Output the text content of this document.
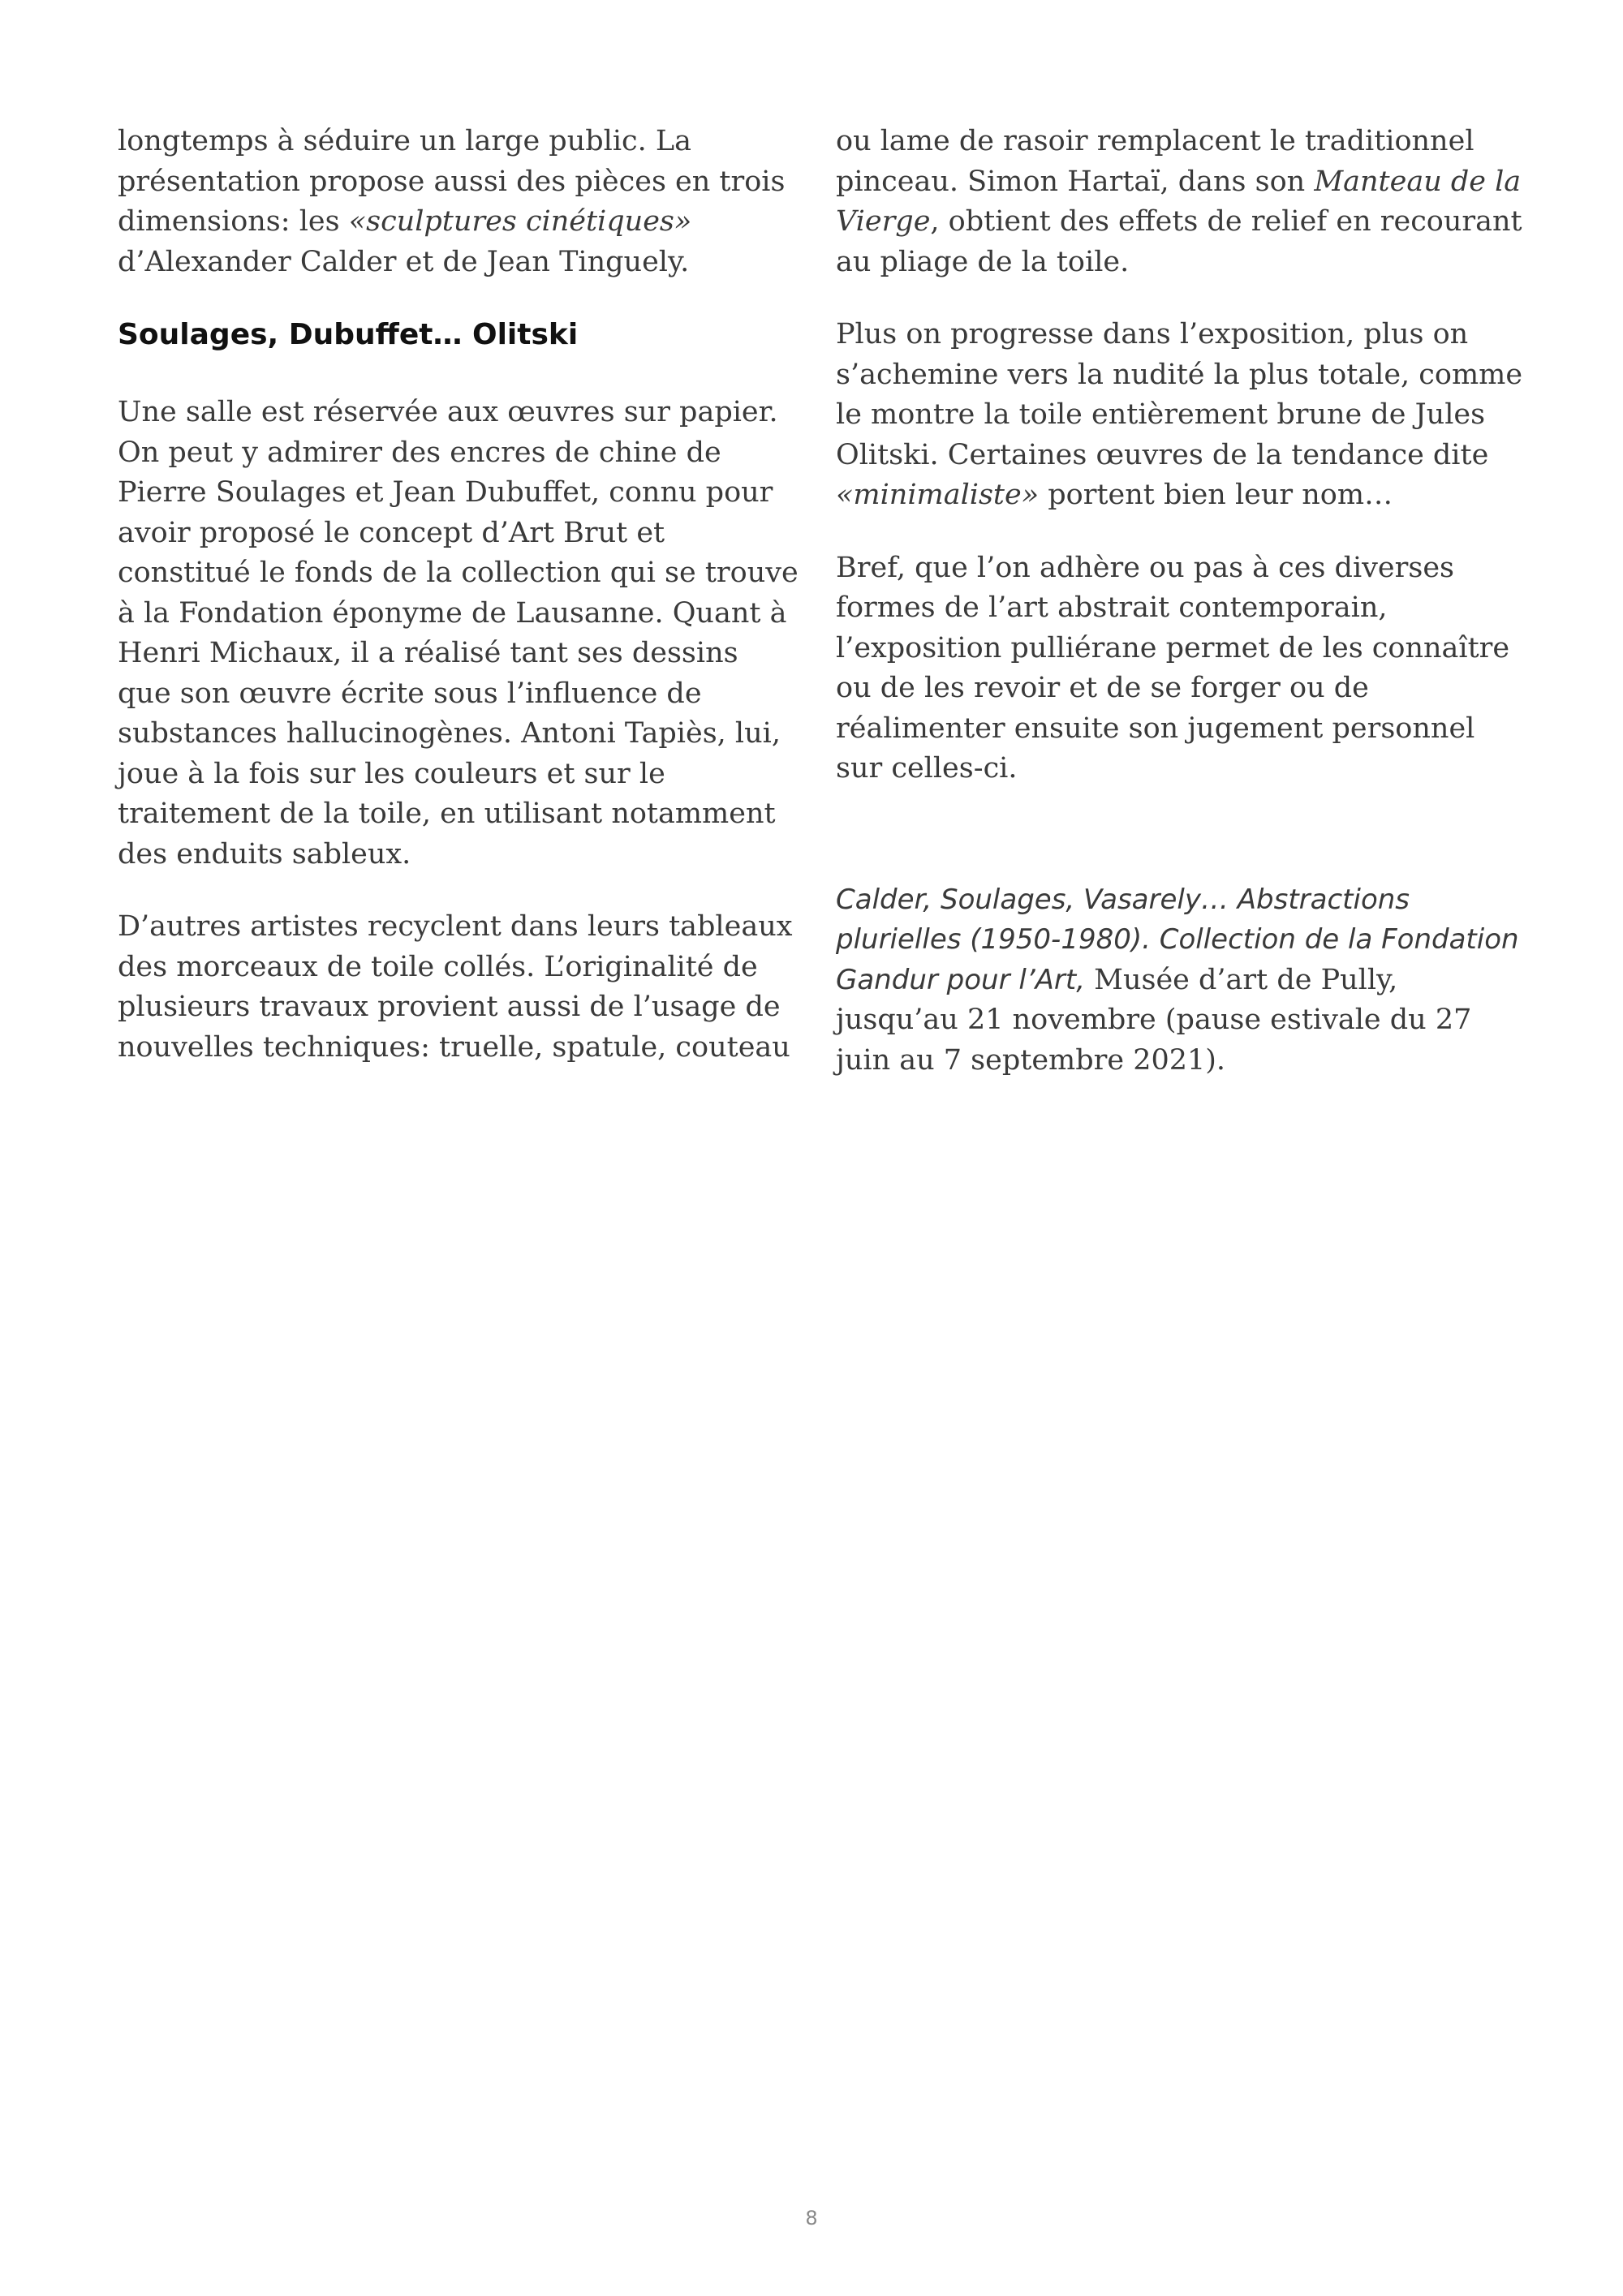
longtemps à séduire un large public. La présentation propose aussi des pièces en trois dimensions: les «sculptures cinétiques» d’Alexander Calder et de Jean Tinguely.

Soulages, Dubuffet… Olitski

Une salle est réservée aux œuvres sur papier. On peut y admirer des encres de chine de Pierre Soulages et Jean Dubuffet, connu pour avoir proposé le concept d’Art Brut et constitué le fonds de la collection qui se trouve à la Fondation éponyme de Lausanne. Quant à Henri Michaux, il a réalisé tant ses dessins que son œuvre écrite sous l’influence de substances hallucinogènes. Antoni Tapiès, lui, joue à la fois sur les couleurs et sur le traitement de la toile, en utilisant notamment des enduits sableux.

D’autres artistes recyclent dans leurs tableaux des morceaux de toile collés. L’originalité de plusieurs travaux provient aussi de l’usage de nouvelles techniques: truelle, spatule, couteau

ou lame de rasoir remplacent le traditionnel pinceau. Simon Hartaï, dans son Manteau de la Vierge, obtient des effets de relief en recourant au pliage de la toile.

Plus on progresse dans l’exposition, plus on s’achemine vers la nudité la plus totale, comme le montre la toile entièrement brune de Jules Olitski. Certaines œuvres de la tendance dite «minimaliste» portent bien leur nom…

Bref, que l’on adhère ou pas à ces diverses formes de l’art abstrait contemporain, l’exposition pulliérane permet de les connaître ou de les revoir et de se forger ou de réalimenter ensuite son jugement personnel sur celles-ci.

Calder, Soulages, Vasarely… Abstractions plurielles (1950-1980). Collection de la Fondation Gandur pour l’Art, Musée d’art de Pully, jusqu’au 21 novembre (pause estivale du 27 juin au 7 septembre 2021).

8
